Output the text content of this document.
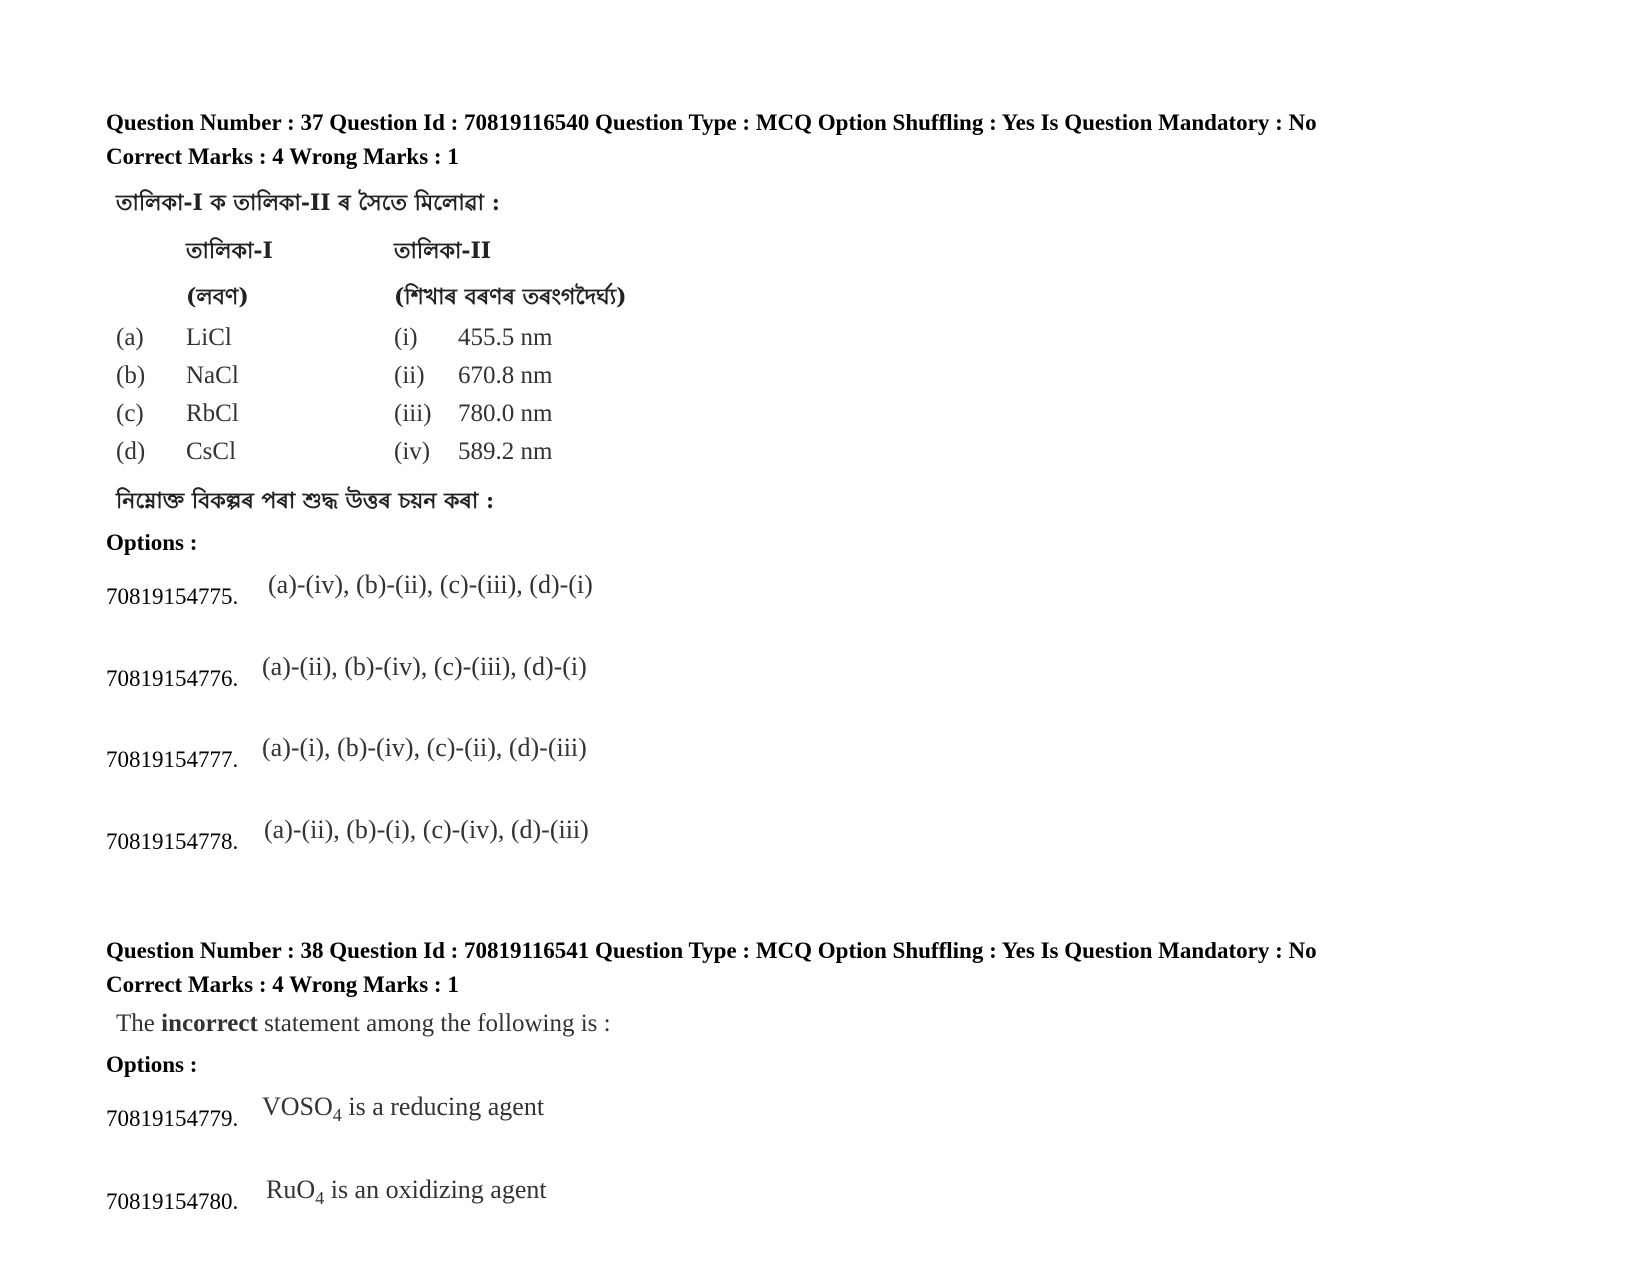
Question Number : 37 Question Id : 70819116540 Question Type : MCQ Option Shuffling : Yes Is Question Mandatory : No
Correct Marks : 4 Wrong Marks : 1
তালিকা-I ক তালিকা-II ৰ সৈতে মিলোৱা :
তালিকা-I	তালিকা-II
(লবণ)	(শিখাৰ বৰণৰ তৰংগদৈৰ্ঘ্য)
(a) LiCl	(i) 455.5 nm
(b) NaCl	(ii) 670.8 nm
(c) RbCl	(iii) 780.0 nm
(d) CsCl	(iv) 589.2 nm
নিম্নোক্ত বিকল্পৰ পৰা শুদ্ধ উত্তৰ চয়ন কৰা :
Options :
70819154775. (a)-(iv), (b)-(ii), (c)-(iii), (d)-(i)
70819154776. (a)-(ii), (b)-(iv), (c)-(iii), (d)-(i)
70819154777. (a)-(i), (b)-(iv), (c)-(ii), (d)-(iii)
70819154778. (a)-(ii), (b)-(i), (c)-(iv), (d)-(iii)
Question Number : 38 Question Id : 70819116541 Question Type : MCQ Option Shuffling : Yes Is Question Mandatory : No
Correct Marks : 4 Wrong Marks : 1
The incorrect statement among the following is :
Options :
70819154779. $VOSO_4$ is a reducing agent
70819154780. RuO$_4$ is an oxidizing agent
